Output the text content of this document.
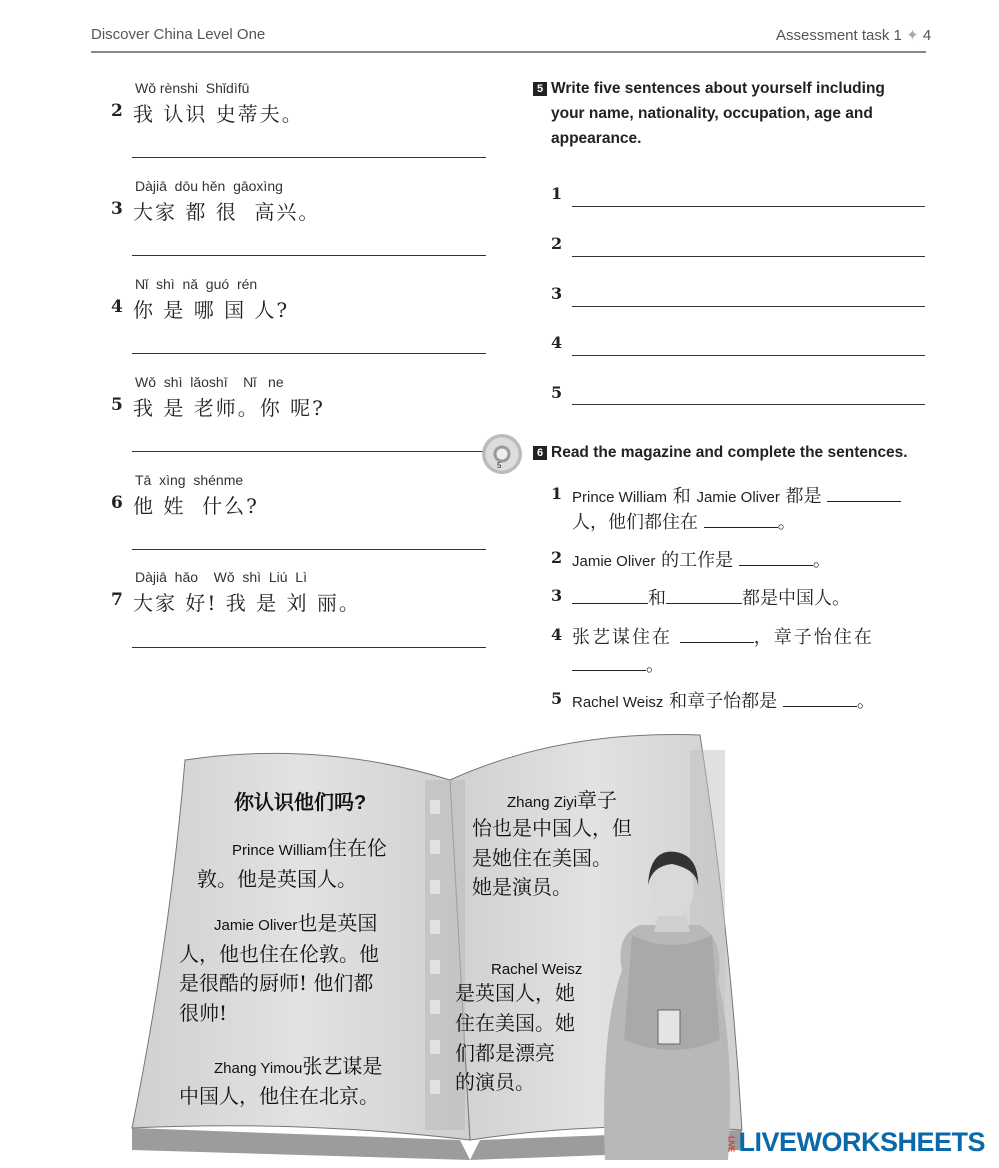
Discover China Level One	Assessment task 1 ✦ 4
Wǒ rènshi  Shǐdìfū
2 我 认识 史蒂夫。
Dàjiā  dōu hěn  gāoxìng
3 大家 都 很  高兴。
Nǐ  shì  nǎ  guó  rén
4 你 是 哪 国 人?
Wǒ  shì  lǎoshī    Nǐ   ne
5 我 是 老师。你 呢?
Tā  xìng  shénme
6 他 姓  什么?
Dàjiā  hǎo    Wǒ  shì  Liú  Lì
7 大家 好! 我 是 刘 丽。
5
5 Write five sentences about yourself including
your name, nationality, occupation, age and
appearance.
1
2
3
4
5
6 Read the magazine and complete the sentences.
1 Prince William 和 Jamie Oliver 都是
人，他们都住在	。
2 Jamie Oliver 的工作是	。
3	和	都是中国人。
4 张艺谋住在	，章子怡住在
。
5 Rachel Weisz 和章子怡都是	。
你认识他们吗?
Prince William住在伦
敦。他是英国人。
Jamie Oliver也是英国
人，他也住在伦敦。他
是很酷的厨师! 他们都
很帅!
Zhang Yimou张艺谋是
中国人，他住在北京。
Zhang Ziyi章子
怡也是中国人，但
是她住在美国。
她是演员。
Rachel Weisz
是英国人，她
住在美国。她
们都是漂亮
的演员。
LIVE LIVEWORKSHEETS
